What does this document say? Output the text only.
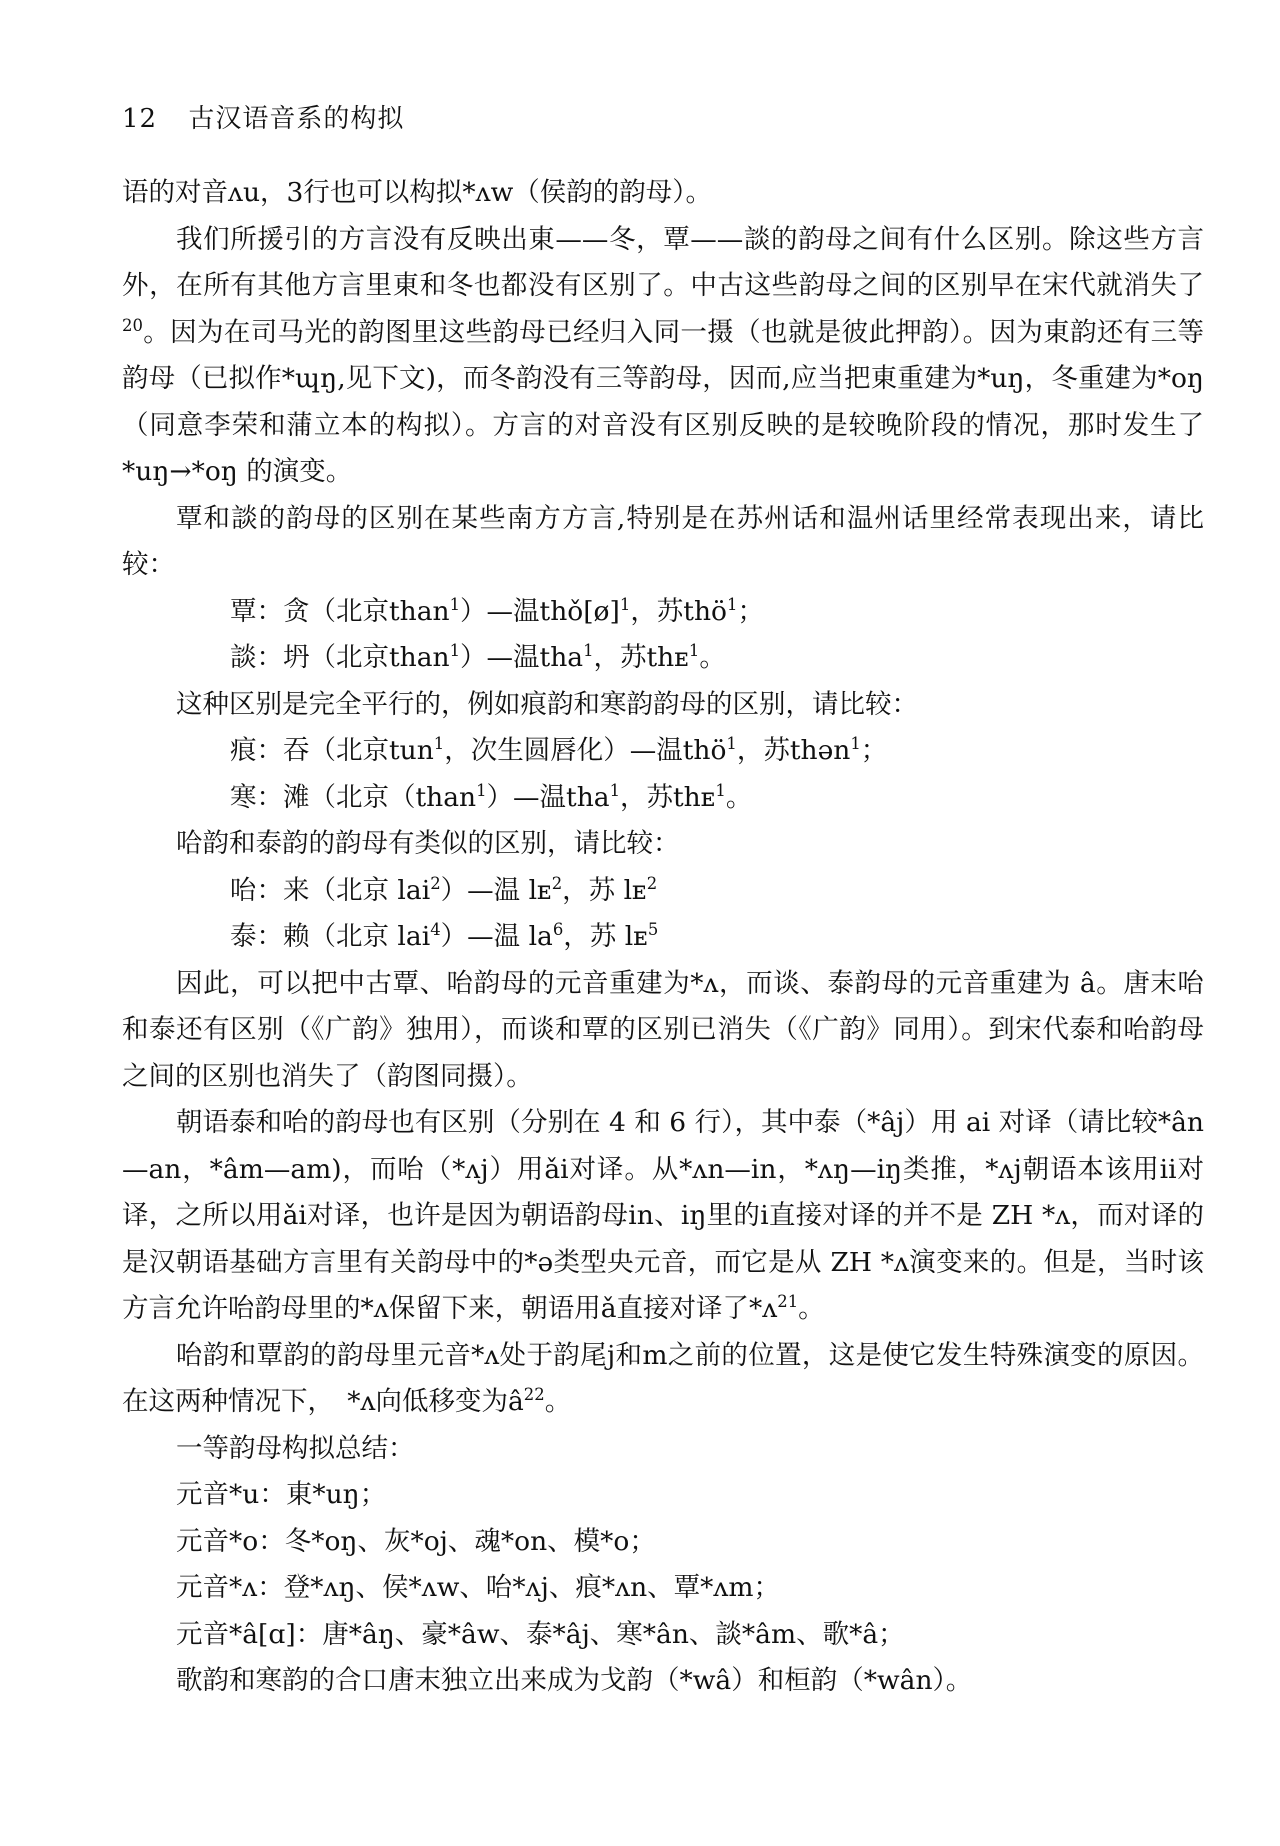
12 古汉语音系的构拟

语的对音ʌu，3行也可以构拟*ʌw（侯韵的韵母）。

我们所援引的方言没有反映出東——冬，覃——談的韵母之间有什么区别。除这些方言外，在所有其他方言里東和冬也都没有区别了。中古这些韵母之间的区别早在宋代就消失了 $^{20}$。因为在司马光的韵图里这些韵母已经归入同一摄（也就是彼此押韵）。因为東韵还有三等韵母（已拟作*ɰŋ,见下文)，而冬韵没有三等韵母，因而,应当把東重建为*uŋ，冬重建为*oŋ（同意李荣和蒲立本的构拟）。方言的对音没有区别反映的是较晚阶段的情况，那时发生了*uŋ→*oŋ 的演变。

覃和談的韵母的区别在某些南方方言,特别是在苏州话和温州话里经常表现出来，请比较：

覃：贪（北京than$^1$）—温thǒ[ø]$^1$，苏thö$^1$；

談：坍（北京than$^1$）—温tha$^1$，苏thᴇ$^1$。

这种区别是完全平行的，例如痕韵和寒韵韵母的区别，请比较：

痕：吞（北京tun$^1$，次生圆唇化）—温thö$^1$，苏thən$^1$；

寒：滩（北京（than$^1$）—温tha$^1$，苏thᴇ$^1$。

哈韵和泰韵的韵母有类似的区别，请比较：

咍：来（北京 lai$^2$）—温 lᴇ$^2$，苏 lᴇ$^2$

泰：赖（北京 lai$^4$）—温 $la^6$，苏 lᴇ$^5$

因此，可以把中古覃、咍韵母的元音重建为*ʌ，而谈、泰韵母的元音重建为 â。唐末咍和泰还有区别（《广韵》独用），而谈和覃的区别已消失（《广韵》同用）。到宋代泰和咍韵母之间的区别也消失了（韵图同摄）。

朝语泰和咍的韵母也有区别（分别在 4 和 6 行），其中泰（*âj）用 ai 对译（请比较*ân—an，*âm—am)，而咍（*ʌj）用ǎi对译。从*ʌn—in，*ʌŋ—iŋ类推，*ʌj朝语本该用ii对译，之所以用ǎi对译，也许是因为朝语韵母in、iŋ里的i直接对译的并不是 ZH *ʌ，而对译的是汉朝语基础方言里有关韵母中的*ə类型央元音，而它是从 ZH *ʌ演变来的。但是，当时该方言允许咍韵母里的*ʌ保留下来，朝语用ǎ直接对译了*ʌ$^{21}$。

咍韵和覃韵的韵母里元音*ʌ处于韵尾j和m之前的位置，这是使它发生特殊演变的原因。在这两种情况下，　*ʌ向低移变为$â^{22}$。

一等韵母构拟总结：

元音*u：東*uŋ；

元音*o：冬*oŋ、灰*oj、魂*on、模*o；

元音*ʌ：登*ʌŋ、侯*ʌw、咍*ʌj、痕*ʌn、覃*ʌm；

元音*â[ɑ]：唐*âŋ、豪*âw、泰*âj、寒*ân、談*âm、歌*â；

歌韵和寒韵的合口唐末独立出来成为戈韵（*wâ）和桓韵（*wân）。
